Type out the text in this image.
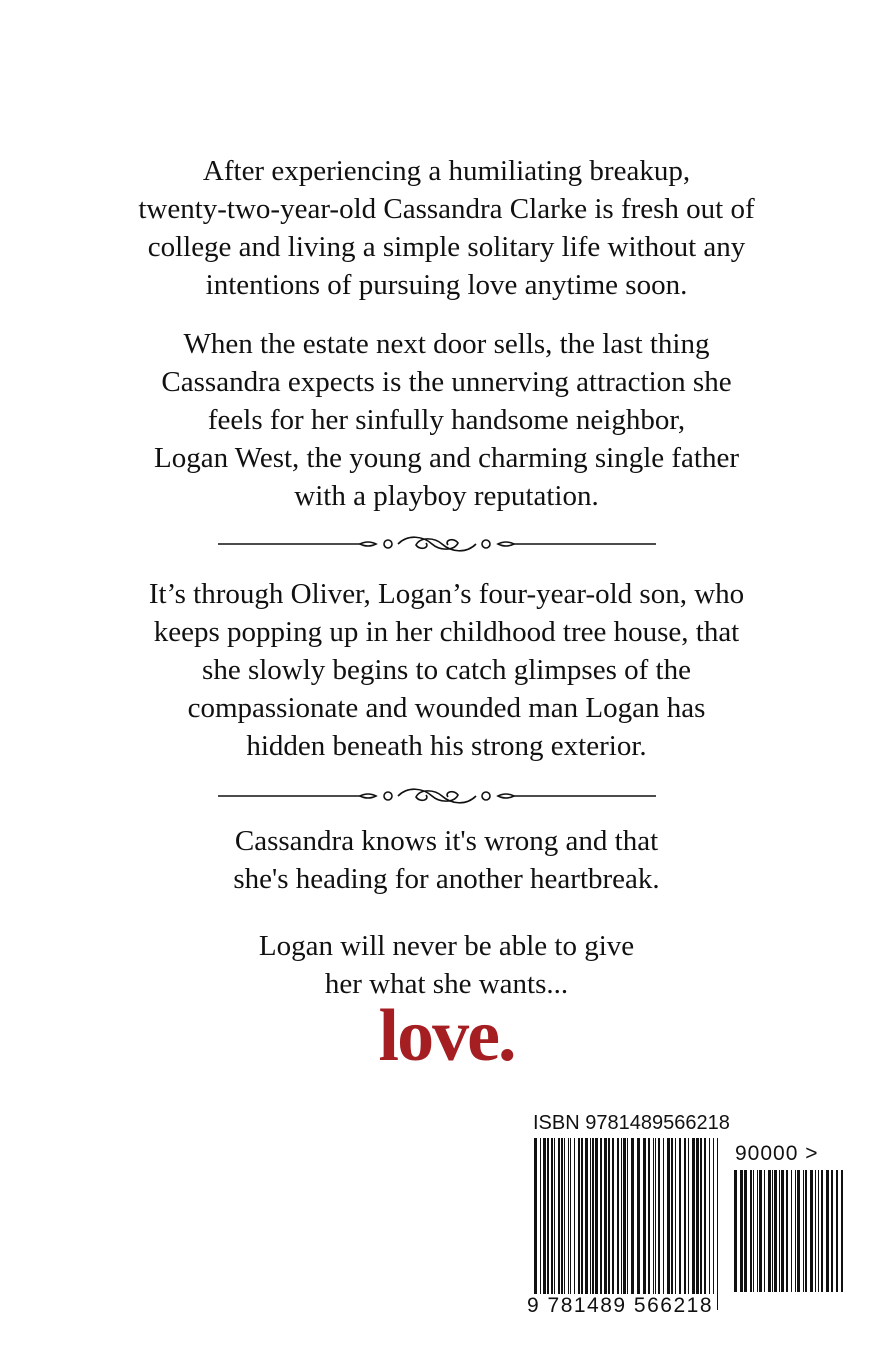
After experiencing a humiliating breakup,
twenty-two-year-old Cassandra Clarke is fresh out of
college and living a simple solitary life without any
intentions of pursuing love anytime soon.
When the estate next door sells, the last thing
Cassandra expects is the unnerving attraction she
feels for her sinfully handsome neighbor,
Logan West, the young and charming single father
with a playboy reputation.
It’s through Oliver, Logan’s four-year-old son, who
keeps popping up in her childhood tree house, that
she slowly begins to catch glimpses of the
compassionate and wounded man Logan has
hidden beneath his strong exterior.
Cassandra knows it's wrong and that
she's heading for another heartbreak.
Logan will never be able to give
her what she wants...
love.
ISBN 9781489566218
90000 >
9 781489 566218
